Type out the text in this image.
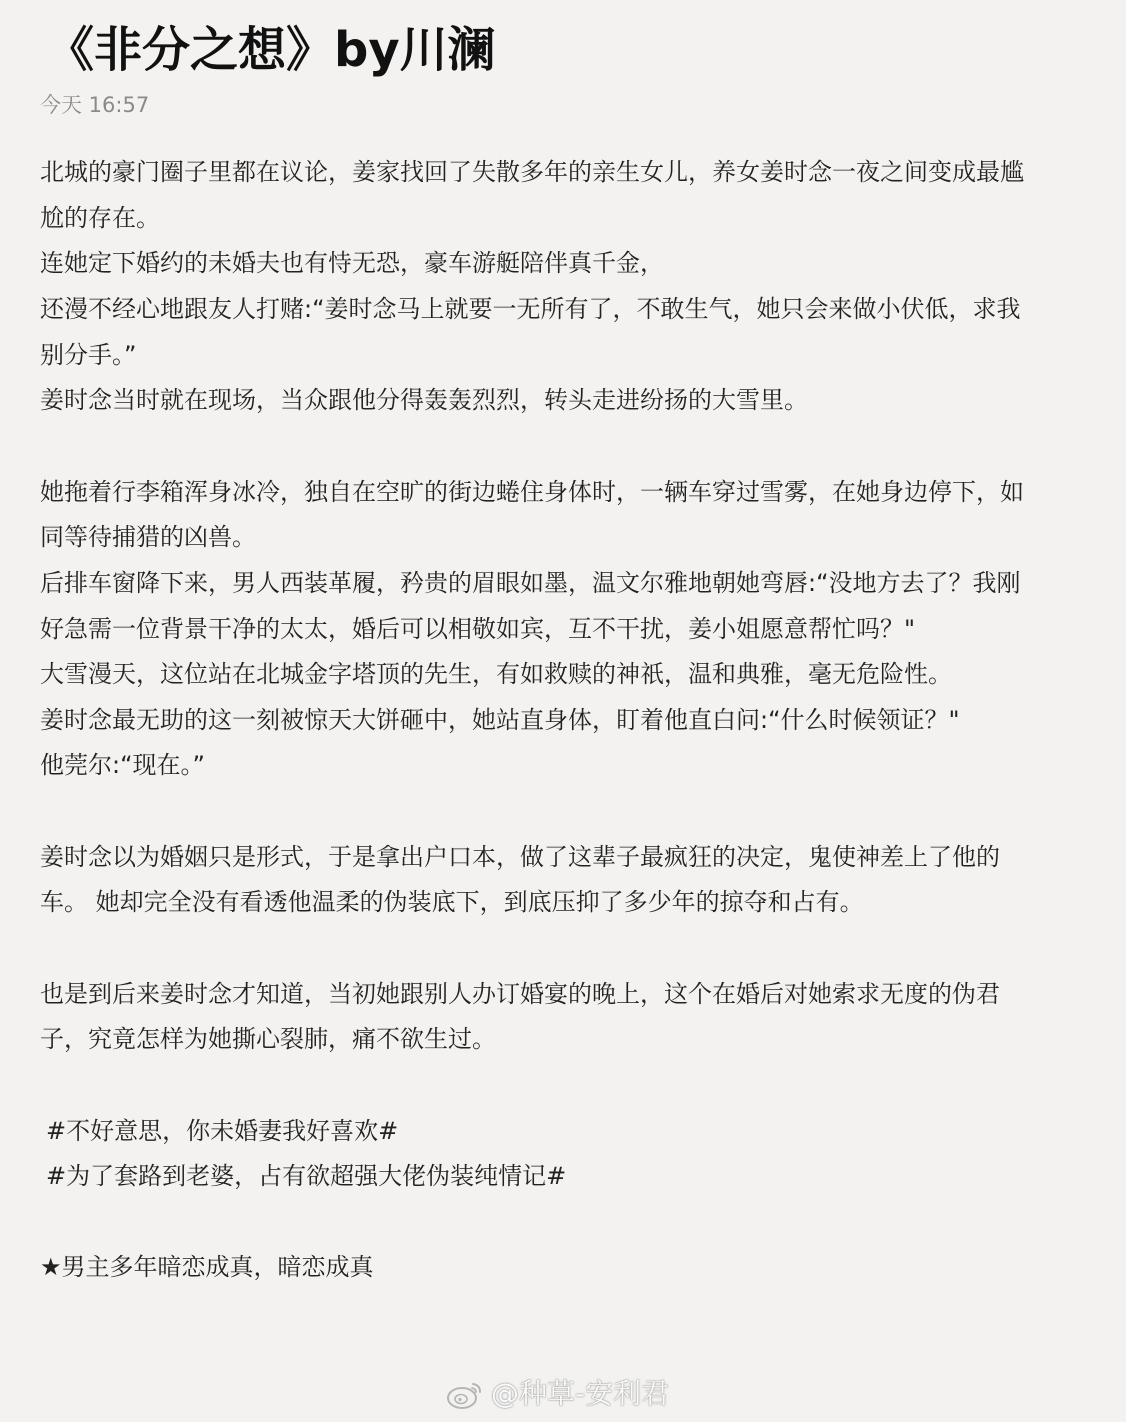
《非分之想》by川澜
今天 16:57
北城的豪门圈子里都在议论，姜家找回了失散多年的亲生女儿，养女姜时念一夜之间变成最尴
尬的存在。
连她定下婚约的未婚夫也有恃无恐，豪车游艇陪伴真千金，
还漫不经心地跟友人打赌:“姜时念马上就要一无所有了，不敢生气，她只会来做小伏低，求我
别分手。”
姜时念当时就在现场，当众跟他分得轰轰烈烈，转头走进纷扬的大雪里。
她拖着行李箱浑身冰冷，独自在空旷的街边蜷住身体时，一辆车穿过雪雾，在她身边停下，如
同等待捕猎的凶兽。
后排车窗降下来，男人西装革履，矜贵的眉眼如墨，温文尔雅地朝她弯唇:“没地方去了？我刚
好急需一位背景干净的太太，婚后可以相敬如宾，互不干扰，姜小姐愿意帮忙吗？"
大雪漫天，这位站在北城金字塔顶的先生，有如救赎的神祇，温和典雅，毫无危险性。
姜时念最无助的这一刻被惊天大饼砸中，她站直身体，盯着他直白问:“什么时候领证？"
他莞尔:“现在。”
姜时念以为婚姻只是形式，于是拿出户口本，做了这辈子最疯狂的决定，鬼使神差上了他的
车。 她却完全没有看透他温柔的伪装底下，到底压抑了多少年的掠夺和占有。
也是到后来姜时念才知道，当初她跟别人办订婚宴的晚上，这个在婚后对她索求无度的伪君
子，究竟怎样为她撕心裂肺，痛不欲生过。
#不好意思，你未婚妻我好喜欢#
#为了套路到老婆，占有欲超强大佬伪装纯情记#
★男主多年暗恋成真，暗恋成真
@种草-安利君
